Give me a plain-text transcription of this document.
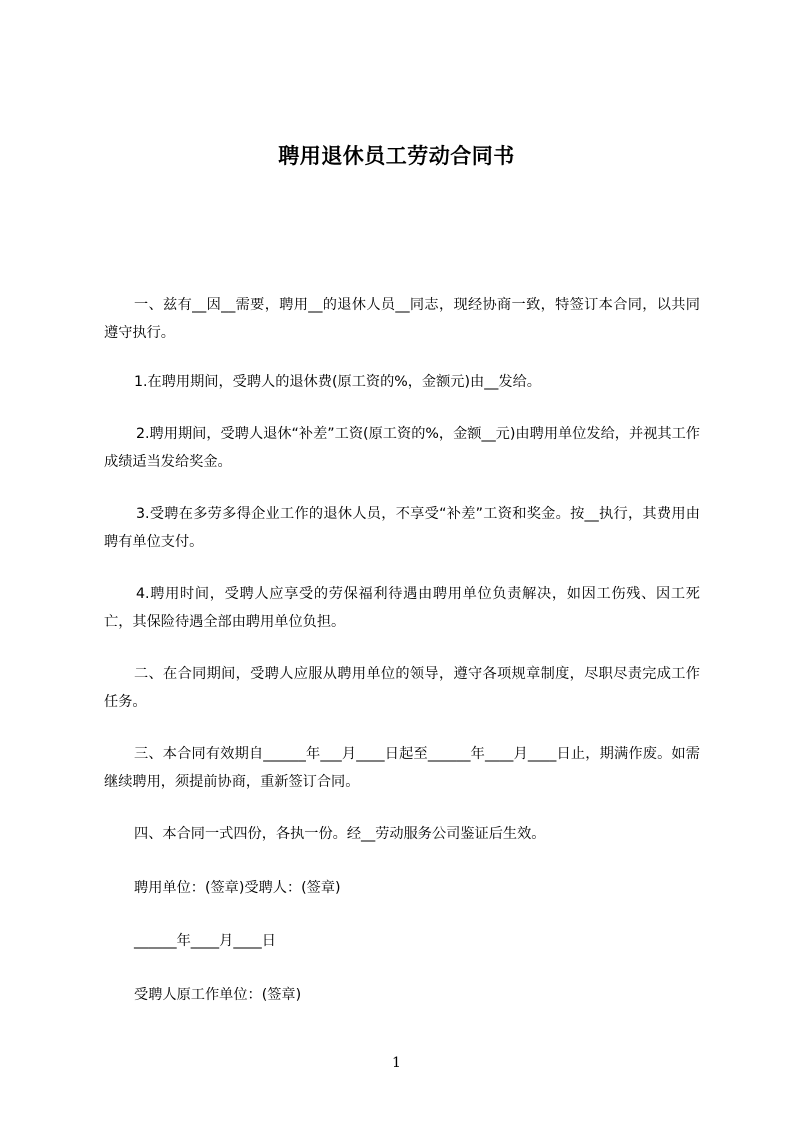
聘用退休员工劳动合同书
一、兹有__因__需要，聘用__的退休人员__同志，现经协商一致，特签订本合同，以共同遵守执行。
1.在聘用期间，受聘人的退休费(原工资的%，金额元)由__发给。
2.聘用期间，受聘人退休“补差”工资(原工资的%，金额__元)由聘用单位发给，并视其工作成绩适当发给奖金。
3.受聘在多劳多得企业工作的退休人员，不享受“补差”工资和奖金。按__执行，其费用由聘有单位支付。
4.聘用时间，受聘人应享受的劳保福利待遇由聘用单位负责解决，如因工伤残、因工死亡，其保险待遇全部由聘用单位负担。
二、在合同期间，受聘人应服从聘用单位的领导，遵守各项规章制度，尽职尽责完成工作任务。
三、本合同有效期自______年___月____日起至______年____月____日止，期满作废。如需继续聘用，须提前协商，重新签订合同。
四、本合同一式四份，各执一份。经__劳动服务公司鉴证后生效。
聘用单位：(签章)受聘人：(签章)
______年____月____日
受聘人原工作单位：(签章)
1
